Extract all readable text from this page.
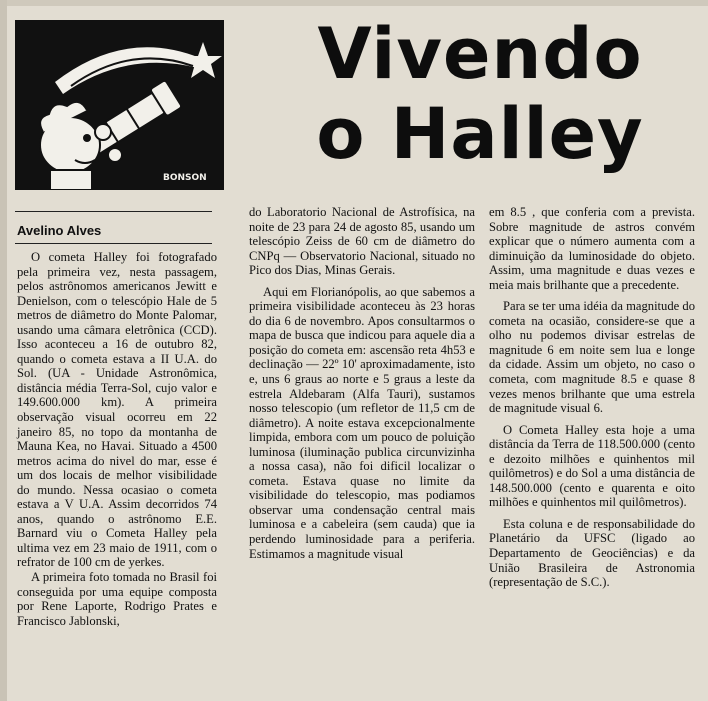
BONSON
Vivendo
o Halley
Avelino Alves

O cometa Halley foi fotografado pela primeira vez, nesta passagem, pelos astrônomos americanos Jewitt e Denielson, com o telescópio Hale de 5 metros de diâmetro do Monte Palomar, usando uma câmara eletrônica (CCD). Isso aconteceu a 16 de outubro 82, quando o cometa estava a II U.A. do Sol. (UA - Unidade Astronômica, distância média Terra-Sol, cujo valor e 149.600.000 km). A primeira observação visual ocorreu em 22 janeiro 85, no topo da montanha de Mauna Kea, no Havai. Situado a 4500 metros acima do nivel do mar, esse é um dos locais de melhor visibilidade do mundo. Nessa ocasiao o cometa estava a V U.A. Assim decorridos 74 anos, quando o astrônomo E.E. Barnard viu o Cometa Halley pela ultima vez em 23 maio de 1911, com o refrator de 100 cm de yerkes.

A primeira foto tomada no Brasil foi conseguida por uma equipe composta por Rene Laporte, Rodrigo Prates e Francisco Jablonski,

do Laboratorio Nacional de Astrofísica, na noite de 23 para 24 de agosto 85, usando um telescópio Zeiss de 60 cm de diâmetro do CNPq — Observatorio Nacional, situado no Pico dos Dias, Minas Gerais.

Aqui em Florianópolis, ao que sabemos a primeira visibilidade aconteceu às 23 horas do dia 6 de novembro. Apos consultarmos o mapa de busca que indicou para aquele dia a posição do cometa em: ascensão reta 4h53 e declinação — 22º 10' aproximadamente, isto e, uns 6 graus ao norte e 5 graus a leste da estrela Aldebaram (Alfa Tauri), sustamos nosso telescopio (um refletor de 11,5 cm de diâmetro). A noite estava excepcionalmente limpida, embora com um pouco de poluição luminosa (iluminação publica circunvizinha a nossa casa), não foi dificil localizar o cometa. Estava quase no limite da visibilidade do telescopio, mas podiamos observar uma condensação central mais luminosa e a cabeleira (sem cauda) que ia perdendo luminosidade para a periferia. Estimamos a magnitude visual

em 8.5 , que conferia com a prevista. Sobre magnitude de astros convém explicar que o número aumenta com a diminuição da luminosidade do objeto. Assim, uma magnitude e duas vezes e meia mais brilhante que a precedente.

Para se ter uma idéia da magnitude do cometa na ocasião, considere-se que a olho nu podemos divisar estrelas de magnitude 6 em noite sem lua e longe da cidade. Assim um objeto, no caso o cometa, com magnitude 8.5 e quase 8 vezes menos brilhante que uma estrela de magnitude visual 6.

O Cometa Halley esta hoje a uma distância da Terra de 118.500.000 (cento e dezoito milhões e quinhentos mil quilômetros) e do Sol a uma distância de 148.500.000 (cento e quarenta e oito milhões e quinhentos mil quilômetros).

Esta coluna e de responsabilidade do Planetário da UFSC (ligado ao Departamento de Geociências) e da União Brasileira de Astronomia (representação de S.C.).
